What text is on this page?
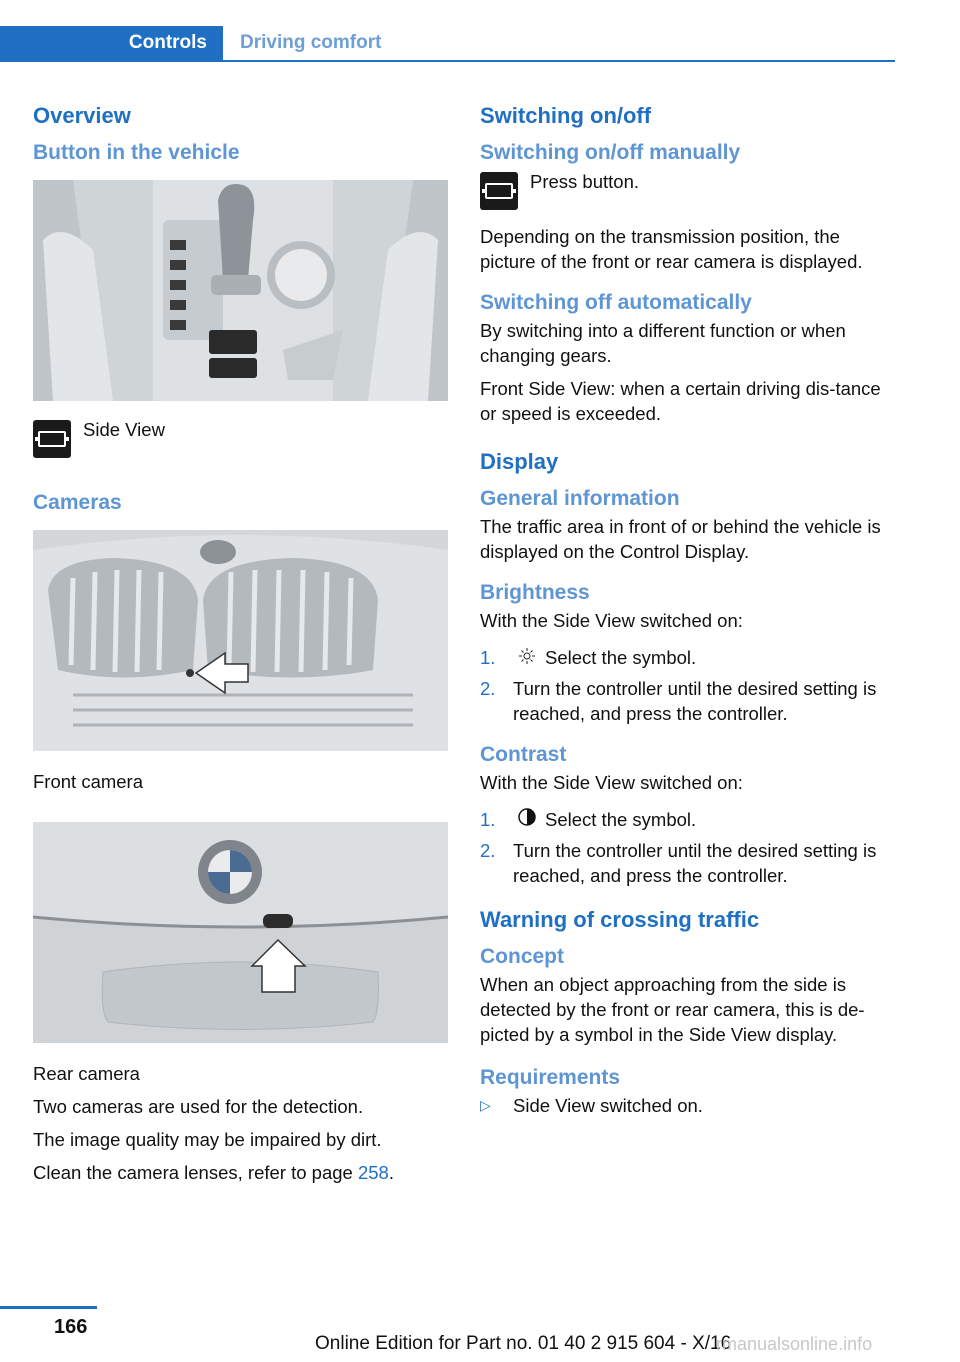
Controls	Driving comfort
Overview
Button in the vehicle
Side View
Cameras

Front camera

Rear camera

Two cameras are used for the detection.

The image quality may be impaired by dirt.

Clean the camera lenses, refer to page 258.

Switching on/off
Switching on/off manually
Press button.

Depending on the transmission position, the picture of the front or rear camera is displayed.

Switching off automatically

By switching into a different function or when changing gears.

Front Side View: when a certain driving dis-tance or speed is exceeded.

Display
General information

The traffic area in front of or behind the vehicle is displayed on the Control Display.

Brightness

With the Side View switched on:

1.	Select the symbol.
2. Turn the controller until the desired setting is reached, and press the controller.
Contrast

With the Side View switched on:

1.	Select the symbol.
2. Turn the controller until the desired setting is reached, and press the controller.
Warning of crossing traffic
Concept

When an object approaching from the side is detected by the front or rear camera, this is de-picted by a symbol in the Side View display.

Requirements
▷	Side View switched on.
166
Online Edition for Part no. 01 40 2 915 604 - X/16
rmanualsonline.info
